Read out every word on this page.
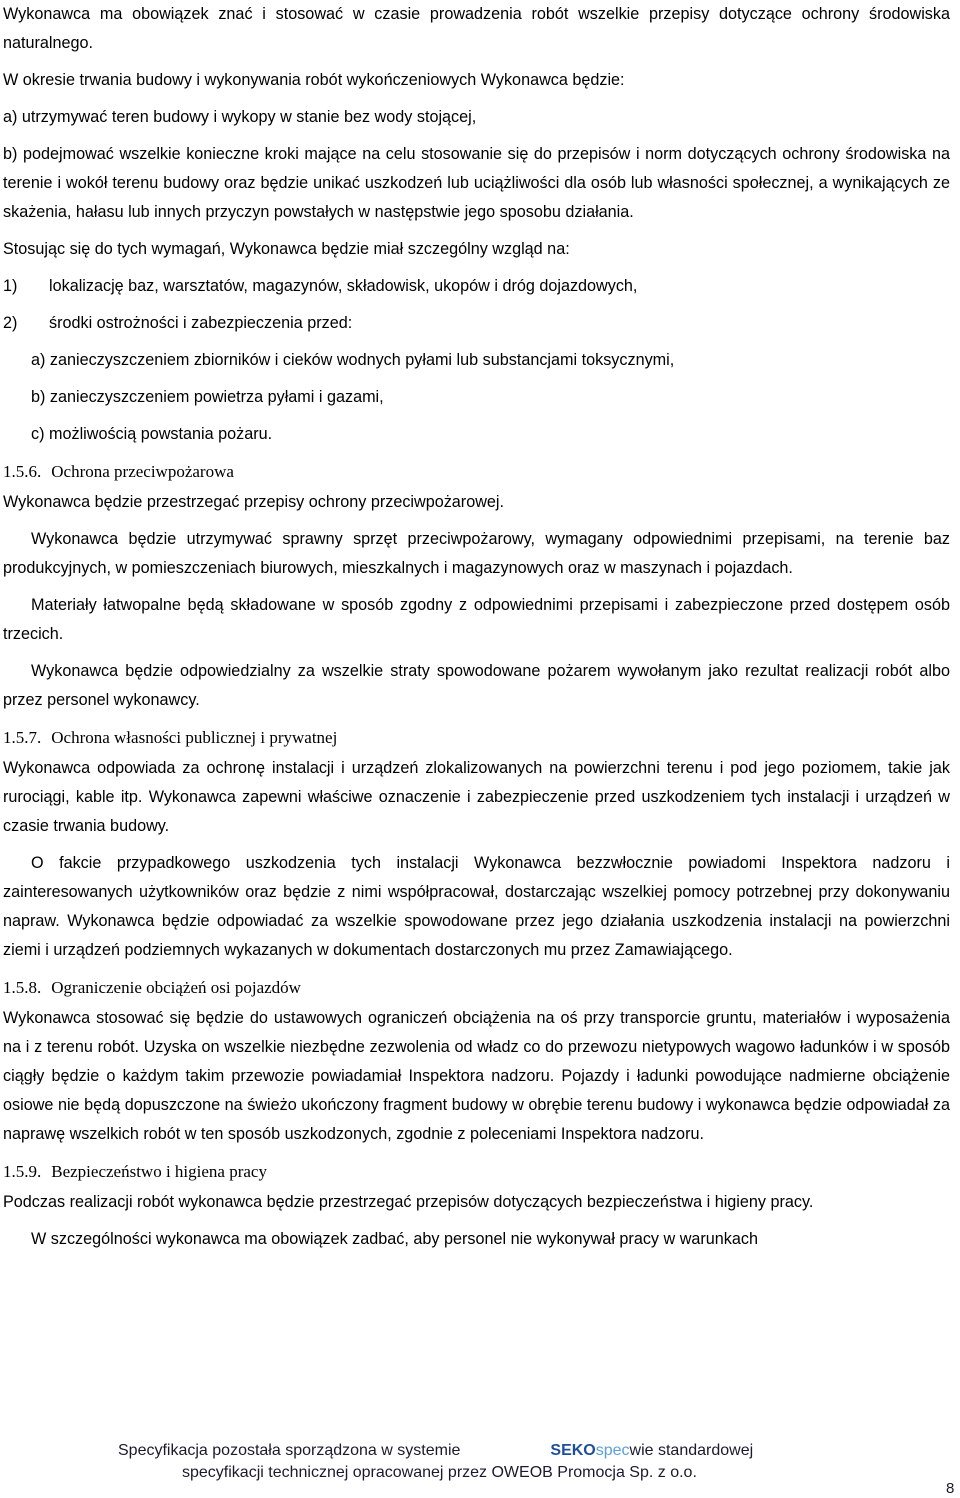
Wykonawca ma obowiązek znać i stosować w czasie prowadzenia robót wszelkie przepisy dotyczące ochrony środowiska naturalnego.

W okresie trwania budowy i wykonywania robót wykończeniowych Wykonawca będzie:

a) utrzymywać teren budowy i wykopy w stanie bez wody stojącej,

b) podejmować wszelkie konieczne kroki mające na celu stosowanie się do przepisów i norm dotyczących ochrony środowiska na terenie i wokół terenu budowy oraz będzie unikać uszkodzeń lub uciążliwości dla osób lub własności społecznej, a wynikających ze skażenia, hałasu lub innych przyczyn powstałych w następstwie jego sposobu działania.

Stosując się do tych wymagań, Wykonawca będzie miał szczególny wzgląd na:

1)	lokalizację baz, warsztatów, magazynów, składowisk, ukopów i dróg dojazdowych,
2)	środki ostrożności i zabezpieczenia przed:

a) zanieczyszczeniem zbiorników i cieków wodnych pyłami lub substancjami toksycznymi,

b) zanieczyszczeniem powietrza pyłami i gazami,

c) możliwością powstania pożaru.

1.5.6. Ochrona przeciwpożarowa

Wykonawca będzie przestrzegać przepisy ochrony przeciwpożarowej.

Wykonawca będzie utrzymywać sprawny sprzęt przeciwpożarowy, wymagany odpowiednimi przepisami, na terenie baz produkcyjnych, w pomieszczeniach biurowych, mieszkalnych i magazynowych oraz w maszynach i pojazdach.

Materiały łatwopalne będą składowane w sposób zgodny z odpowiednimi przepisami i zabezpieczone przed dostępem osób trzecich.

Wykonawca będzie odpowiedzialny za wszelkie straty spowodowane pożarem wywołanym jako rezultat realizacji robót albo przez personel wykonawcy.

1.5.7. Ochrona własności publicznej i prywatnej

Wykonawca odpowiada za ochronę instalacji i urządzeń zlokalizowanych na powierzchni terenu i pod jego poziomem, takie jak rurociągi, kable itp. Wykonawca zapewni właściwe oznaczenie i zabezpieczenie przed uszkodzeniem tych instalacji i urządzeń w czasie trwania budowy.

O fakcie przypadkowego uszkodzenia tych instalacji Wykonawca bezzwłocznie powiadomi Inspektora nadzoru i zainteresowanych użytkowników oraz będzie z nimi współpracował, dostarczając wszelkiej pomocy potrzebnej przy dokonywaniu napraw. Wykonawca będzie odpowiadać za wszelkie spowodowane przez jego działania uszkodzenia instalacji na powierzchni ziemi i urządzeń podziemnych wykazanych w dokumentach dostarczonych mu przez Zamawiającego.

1.5.8. Ograniczenie obciążeń osi pojazdów

Wykonawca stosować się będzie do ustawowych ograniczeń obciążenia na oś przy transporcie gruntu, materiałów i wyposażenia na i z terenu robót. Uzyska on wszelkie niezbędne zezwolenia od władz co do przewozu nietypowych wagowo ładunków i w sposób ciągły będzie o każdym takim przewozie powiadamiał Inspektora nadzoru. Pojazdy i ładunki powodujące nadmierne obciążenie osiowe nie będą dopuszczone na świeżo ukończony fragment budowy w obrębie terenu budowy i wykonawca będzie odpowiadał za naprawę wszelkich robót w ten sposób uszkodzonych, zgodnie z poleceniami Inspektora nadzoru.

1.5.9. Bezpieczeństwo i higiena pracy

Podczas realizacji robót wykonawca będzie przestrzegać przepisów dotyczących bezpieczeństwa i higieny pracy.

W szczególności wykonawca ma obowiązek zadbać, aby personel nie wykonywał pracy w warunkach

Specyfikacja pozostała sporządzona w systemie	SEKOspecwie standardowej
specyfikacji technicznej opracowanej przez OWEOB Promocja Sp. z o.o.
8
